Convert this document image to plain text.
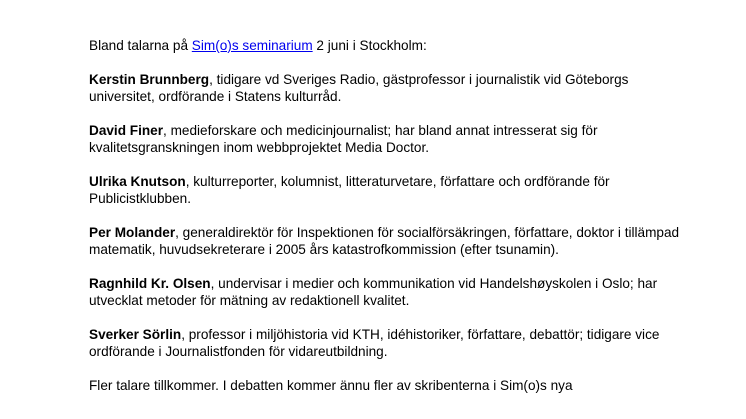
Bland talarna på Sim(o)s seminarium 2 juni i Stockholm:

Kerstin Brunnberg, tidigare vd Sveriges Radio, gästprofessor i journalistik vid Göteborgs universitet, ordförande i Statens kulturråd.

David Finer, medieforskare och medicinjournalist; har bland annat intresserat sig för kvalitetsgranskningen inom webbprojektet Media Doctor.

Ulrika Knutson, kulturreporter, kolumnist, litteraturvetare, författare och ordförande för Publicistklubben.

Per Molander, generaldirektör för Inspektionen för socialförsäkringen, författare, doktor i tillämpad matematik, huvudsekreterare i 2005 års katastrofkommission (efter tsunamin).

Ragnhild Kr. Olsen, undervisar i medier och kommunikation vid Handelshøyskolen i Oslo; har utvecklat metoder för mätning av redaktionell kvalitet.

Sverker Sörlin, professor i miljöhistoria vid KTH, idéhistoriker, författare, debattör; tidigare vice ordförande i Journalistfonden för vidareutbildning.

Fler talare tillkommer. I debatten kommer ännu fler av skribenterna i Sim(o)s nya
